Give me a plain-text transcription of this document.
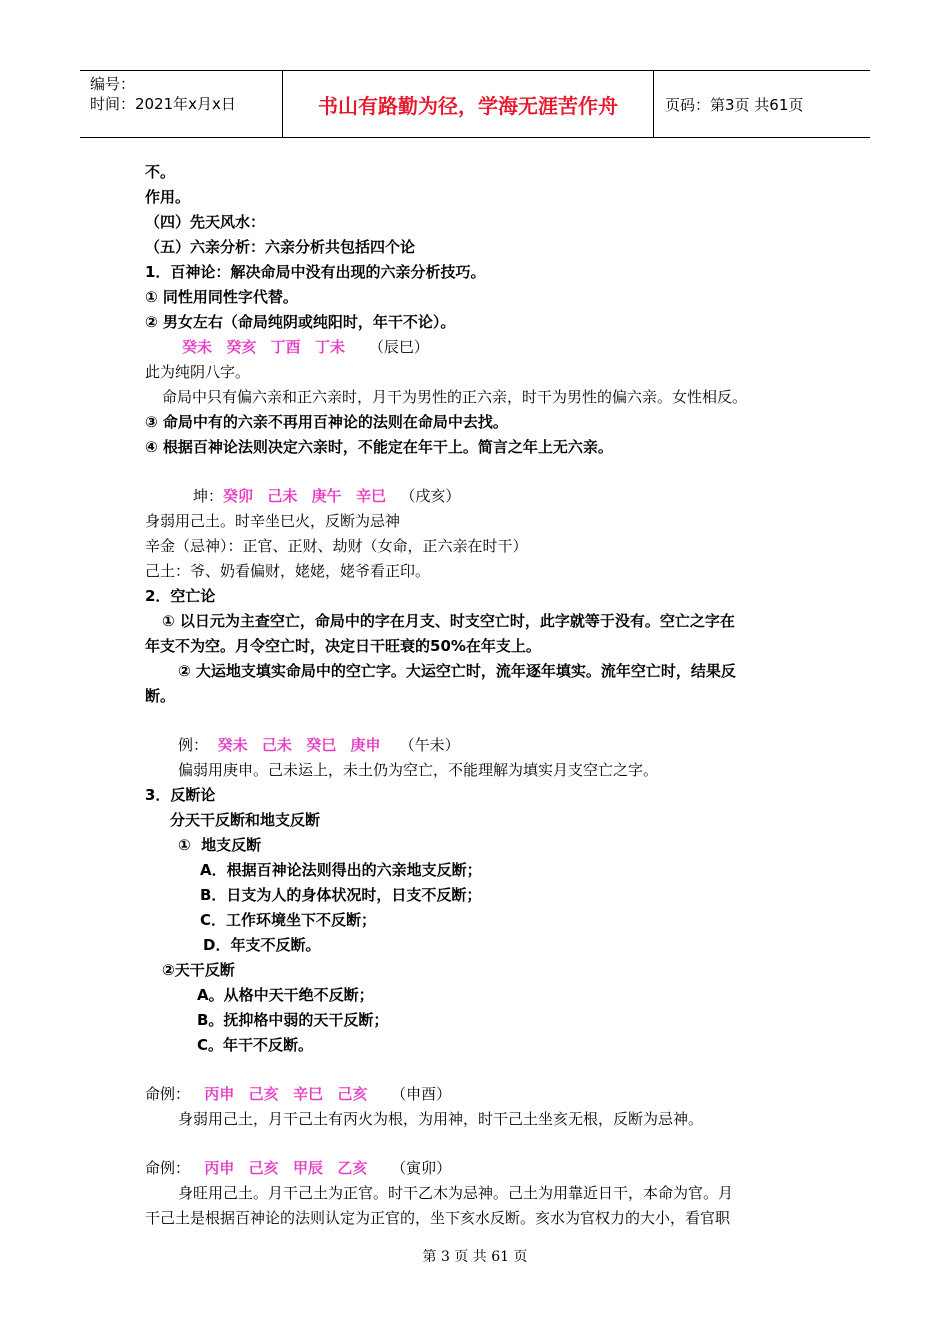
编号：
时间：2021年x月x日	书山有路勤为径，学海无涯苦作舟	页码：第3页 共61页
不。
作用。
（四）先天风水：
（五）六亲分析：六亲分析共包括四个论
1．百神论：解决命局中没有出现的六亲分析技巧。
① 同性用同性字代替。
② 男女左右（命局纯阴或纯阳时，年干不论）。
癸未 癸亥 丁酉 丁未 （辰巳）
此为纯阴八字。
命局中只有偏六亲和正六亲时，月干为男性的正六亲，时干为男性的偏六亲。女性相反。
③ 命局中有的六亲不再用百神论的法则在命局中去找。
④ 根据百神论法则决定六亲时，不能定在年干上。简言之年上无六亲。
坤：癸卯 己未 庚午 辛巳 （戌亥）
身弱用己土。时辛坐巳火，反断为忌神
辛金（忌神）：正官、正财、劫财（女命，正六亲在时干）
己土：爷、奶看偏财，姥姥，姥爷看正印。
2．空亡论
① 以日元为主查空亡，命局中的字在月支、时支空亡时，此字就等于没有。空亡之字在
年支不为空。月令空亡时，决定日干旺衰的50%在年支上。
② 大运地支填实命局中的空亡字。大运空亡时，流年逐年填实。流年空亡时，结果反
断。
例： 癸未 己未 癸巳 庚申 （午未）
偏弱用庚申。己未运上，未土仍为空亡，不能理解为填实月支空亡之字。
3．反断论
分天干反断和地支反断
①  地支反断
A．根据百神论法则得出的六亲地支反断；
B．日支为人的身体状况时，日支不反断；
C．工作环境坐下不反断；
D．年支不反断。
②天干反断
A。从格中天干绝不反断；
B。抚抑格中弱的天干反断；
C。年干不反断。
命例： 丙申 己亥 辛巳 己亥 （申酉）
身弱用己土，月干己土有丙火为根，为用神，时干己土坐亥无根，反断为忌神。
命例： 丙申 己亥 甲辰 乙亥 （寅卯）
身旺用己土。月干己土为正官。时干乙木为忌神。己土为用靠近日干，本命为官。月
干己土是根据百神论的法则认定为正官的，坐下亥水反断。亥水为官权力的大小，看官职
第 3 页 共 61 页
